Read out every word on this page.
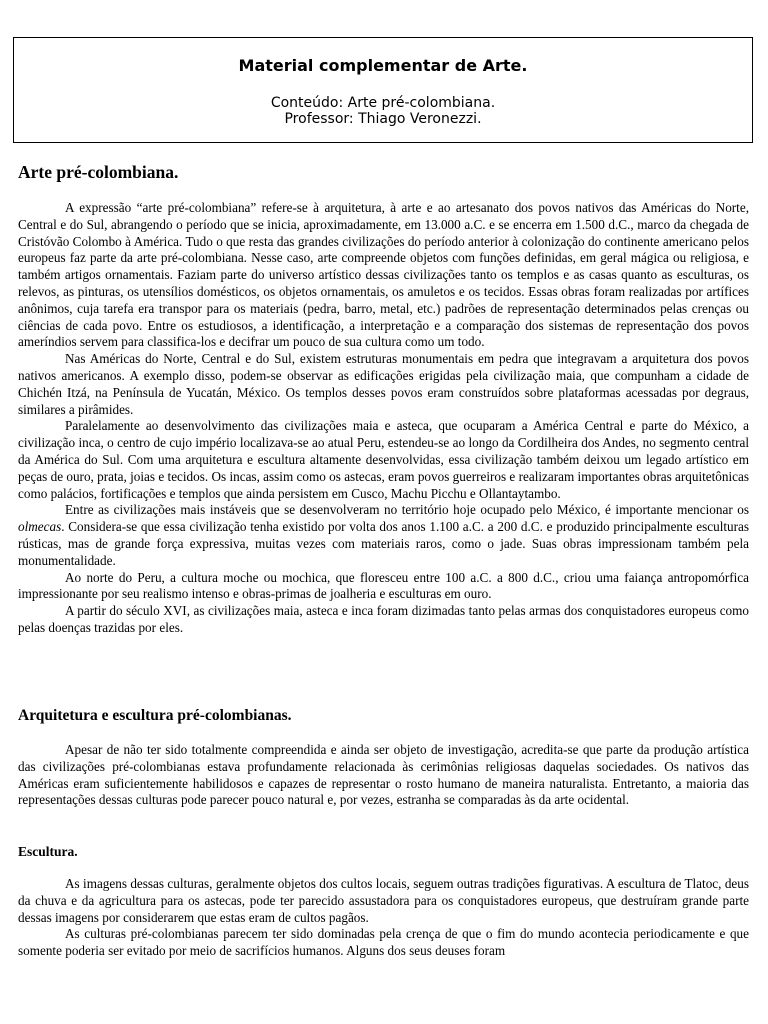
Material complementar de Arte.
Conteúdo: Arte pré-colombiana.
Professor: Thiago Veronezzi.
Arte pré-colombiana.

A expressão “arte pré-colombiana” refere-se à arquitetura, à arte e ao artesanato dos povos nativos das Américas do Norte, Central e do Sul, abrangendo o período que se inicia, aproximadamente, em 13.000 a.C. e se encerra em 1.500 d.C., marco da chegada de Cristóvão Colombo à América. Tudo o que resta das grandes civilizações do período anterior à colonização do continente americano pelos europeus faz parte da arte pré-colombiana. Nesse caso, arte compreende objetos com funções definidas, em geral mágica ou religiosa, e também artigos ornamentais. Faziam parte do universo artístico dessas civilizações tanto os templos e as casas quanto as esculturas, os relevos, as pinturas, os utensílios domésticos, os objetos ornamentais, os amuletos e os tecidos. Essas obras foram realizadas por artífices anônimos, cuja tarefa era transpor para os materiais (pedra, barro, metal, etc.) padrões de representação determinados pelas crenças ou ciências de cada povo. Entre os estudiosos, a identificação, a interpretação e a comparação dos sistemas de representação dos povos ameríndios servem para classifica-los e decifrar um pouco de sua cultura como um todo.

Nas Américas do Norte, Central e do Sul, existem estruturas monumentais em pedra que integravam a arquitetura dos povos nativos americanos. A exemplo disso, podem-se observar as edificações erigidas pela civilização maia, que compunham a cidade de Chichén Itzá, na Península de Yucatán, México. Os templos desses povos eram construídos sobre plataformas acessadas por degraus, similares a pirâmides.

Paralelamente ao desenvolvimento das civilizações maia e asteca, que ocuparam a América Central e parte do México, a civilização inca, o centro de cujo império localizava-se ao atual Peru, estendeu-se ao longo da Cordilheira dos Andes, no segmento central da América do Sul. Com uma arquitetura e escultura altamente desenvolvidas, essa civilização também deixou um legado artístico em peças de ouro, prata, joias e tecidos. Os incas, assim como os astecas, eram povos guerreiros e realizaram importantes obras arquitetônicas como palácios, fortificações e templos que ainda persistem em Cusco, Machu Picchu e Ollantaytambo.

Entre as civilizações mais instáveis que se desenvolveram no território hoje ocupado pelo México, é importante mencionar os olmecas. Considera-se que essa civilização tenha existido por volta dos anos 1.100 a.C. a 200 d.C. e produzido principalmente esculturas rústicas, mas de grande força expressiva, muitas vezes com materiais raros, como o jade. Suas obras impressionam também pela monumentalidade.

Ao norte do Peru, a cultura moche ou mochica, que floresceu entre 100 a.C. a 800 d.C., criou uma faiança antropomórfica impressionante por seu realismo intenso e obras-primas de joalheria e esculturas em ouro.

A partir do século XVI, as civilizações maia, asteca e inca foram dizimadas tanto pelas armas dos conquistadores europeus como pelas doenças trazidas por eles.

Arquitetura e escultura pré-colombianas.

Apesar de não ter sido totalmente compreendida e ainda ser objeto de investigação, acredita-se que parte da produção artística das civilizações pré-colombianas estava profundamente relacionada às cerimônias religiosas daquelas sociedades. Os nativos das Américas eram suficientemente habilidosos e capazes de representar o rosto humano de maneira naturalista. Entretanto, a maioria das representações dessas culturas pode parecer pouco natural e, por vezes, estranha se comparadas às da arte ocidental.

Escultura.

As imagens dessas culturas, geralmente objetos dos cultos locais, seguem outras tradições figurativas. A escultura de Tlatoc, deus da chuva e da agricultura para os astecas, pode ter parecido assustadora para os conquistadores europeus, que destruíram grande parte dessas imagens por considerarem que estas eram de cultos pagãos.

As culturas pré-colombianas parecem ter sido dominadas pela crença de que o fim do mundo acontecia periodicamente e que somente poderia ser evitado por meio de sacrifícios humanos. Alguns dos seus deuses foram
